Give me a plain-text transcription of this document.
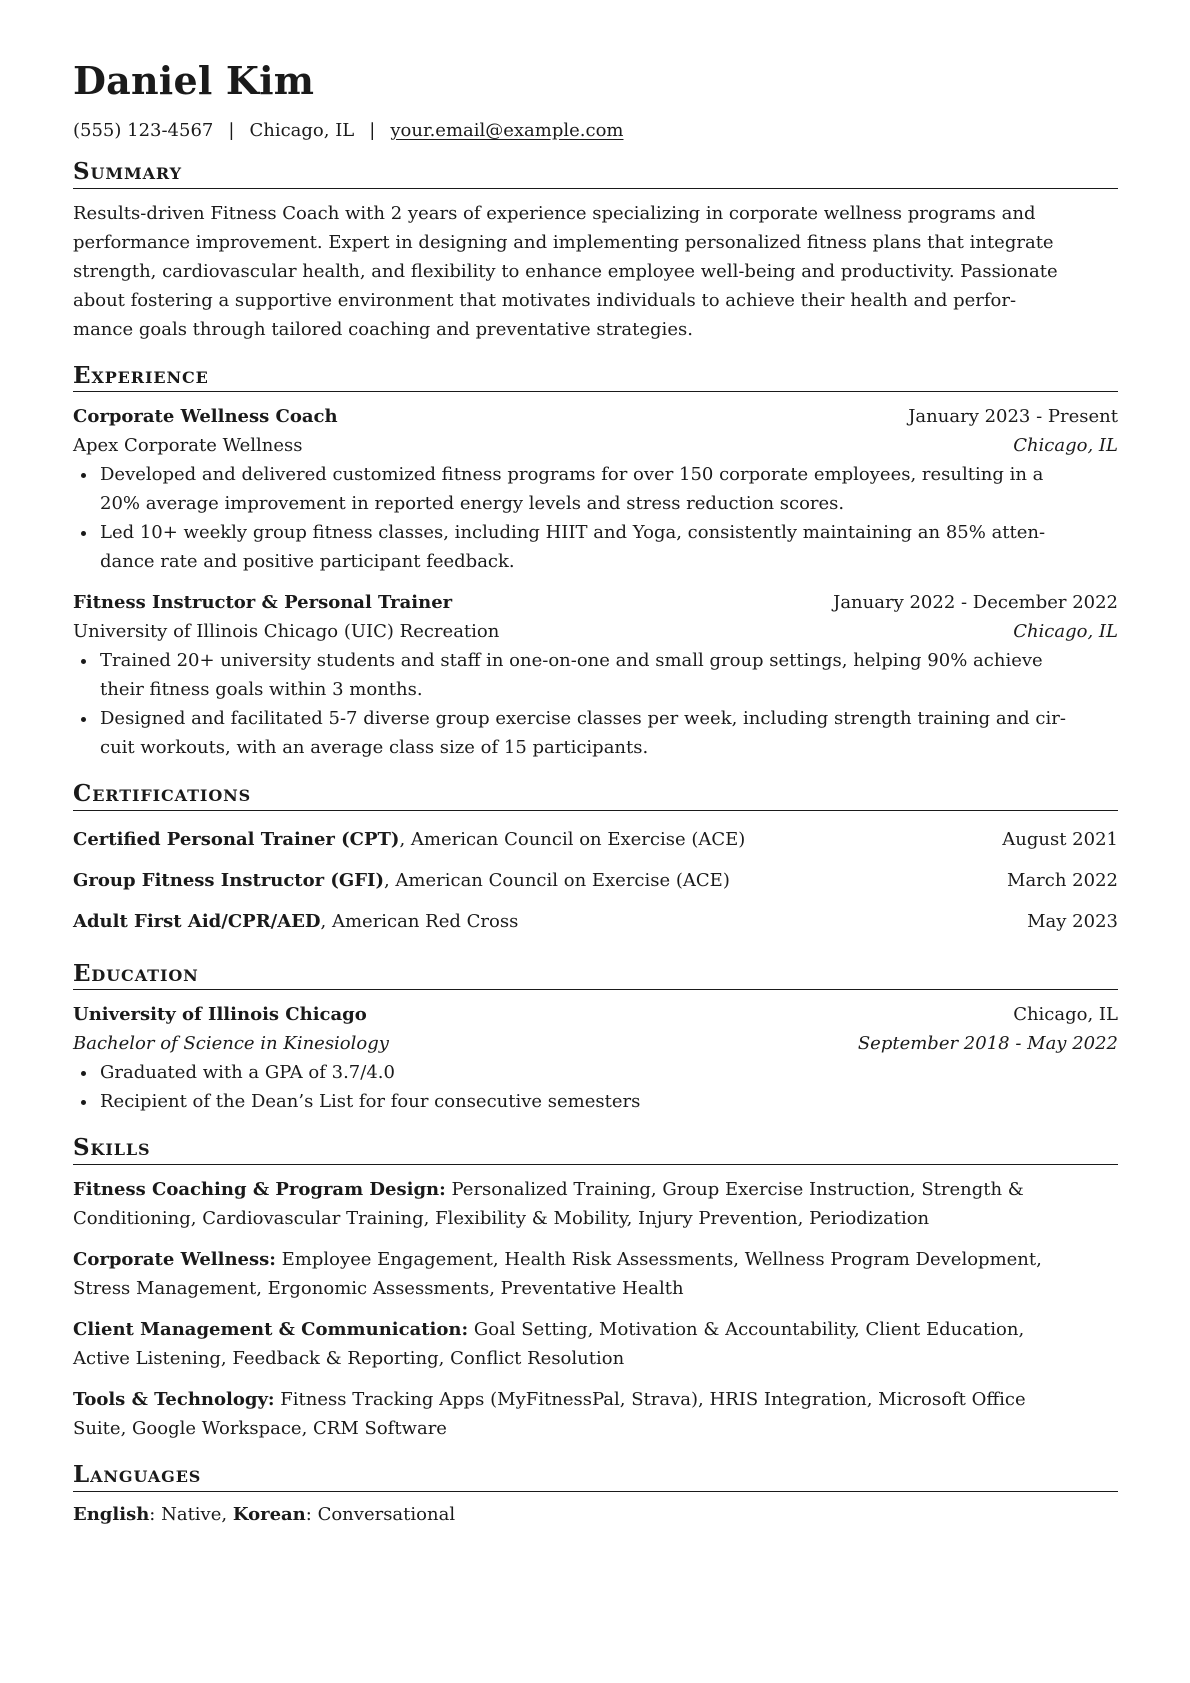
Daniel Kim
(555) 123-4567 | Chicago, IL | your.email@example.com
Summary
Results-driven Fitness Coach with 2 years of experience specializing in corporate wellness programs and
performance improvement. Expert in designing and implementing personalized fitness plans that integrate
strength, cardiovascular health, and flexibility to enhance employee well-being and productivity. Passionate
about fostering a supportive environment that motivates individuals to achieve their health and perfor-
mance goals through tailored coaching and preventative strategies.
Experience
Corporate Wellness Coach	January 2023 - Present
Apex Corporate Wellness	Chicago, IL
Developed and delivered customized fitness programs for over 150 corporate employees, resulting in a
20% average improvement in reported energy levels and stress reduction scores.
Led 10+ weekly group fitness classes, including HIIT and Yoga, consistently maintaining an 85% atten-
dance rate and positive participant feedback.
Fitness Instructor & Personal Trainer	January 2022 - December 2022
University of Illinois Chicago (UIC) Recreation	Chicago, IL
Trained 20+ university students and staff in one-on-one and small group settings, helping 90% achieve
their fitness goals within 3 months.
Designed and facilitated 5-7 diverse group exercise classes per week, including strength training and cir-
cuit workouts, with an average class size of 15 participants.
Certifications
Certified Personal Trainer (CPT), American Council on Exercise (ACE)	August 2021
Group Fitness Instructor (GFI), American Council on Exercise (ACE)	March 2022
Adult First Aid/CPR/AED, American Red Cross	May 2023
Education
University of Illinois Chicago	Chicago, IL
Bachelor of Science in Kinesiology	September 2018 - May 2022
Graduated with a GPA of 3.7/4.0
Recipient of the Dean’s List for four consecutive semesters
Skills
Fitness Coaching & Program Design: Personalized Training, Group Exercise Instruction, Strength &
Conditioning, Cardiovascular Training, Flexibility & Mobility, Injury Prevention, Periodization
Corporate Wellness: Employee Engagement, Health Risk Assessments, Wellness Program Development,
Stress Management, Ergonomic Assessments, Preventative Health
Client Management & Communication: Goal Setting, Motivation & Accountability, Client Education,
Active Listening, Feedback & Reporting, Conflict Resolution
Tools & Technology: Fitness Tracking Apps (MyFitnessPal, Strava), HRIS Integration, Microsoft Office
Suite, Google Workspace, CRM Software
Languages
English: Native, Korean: Conversational
